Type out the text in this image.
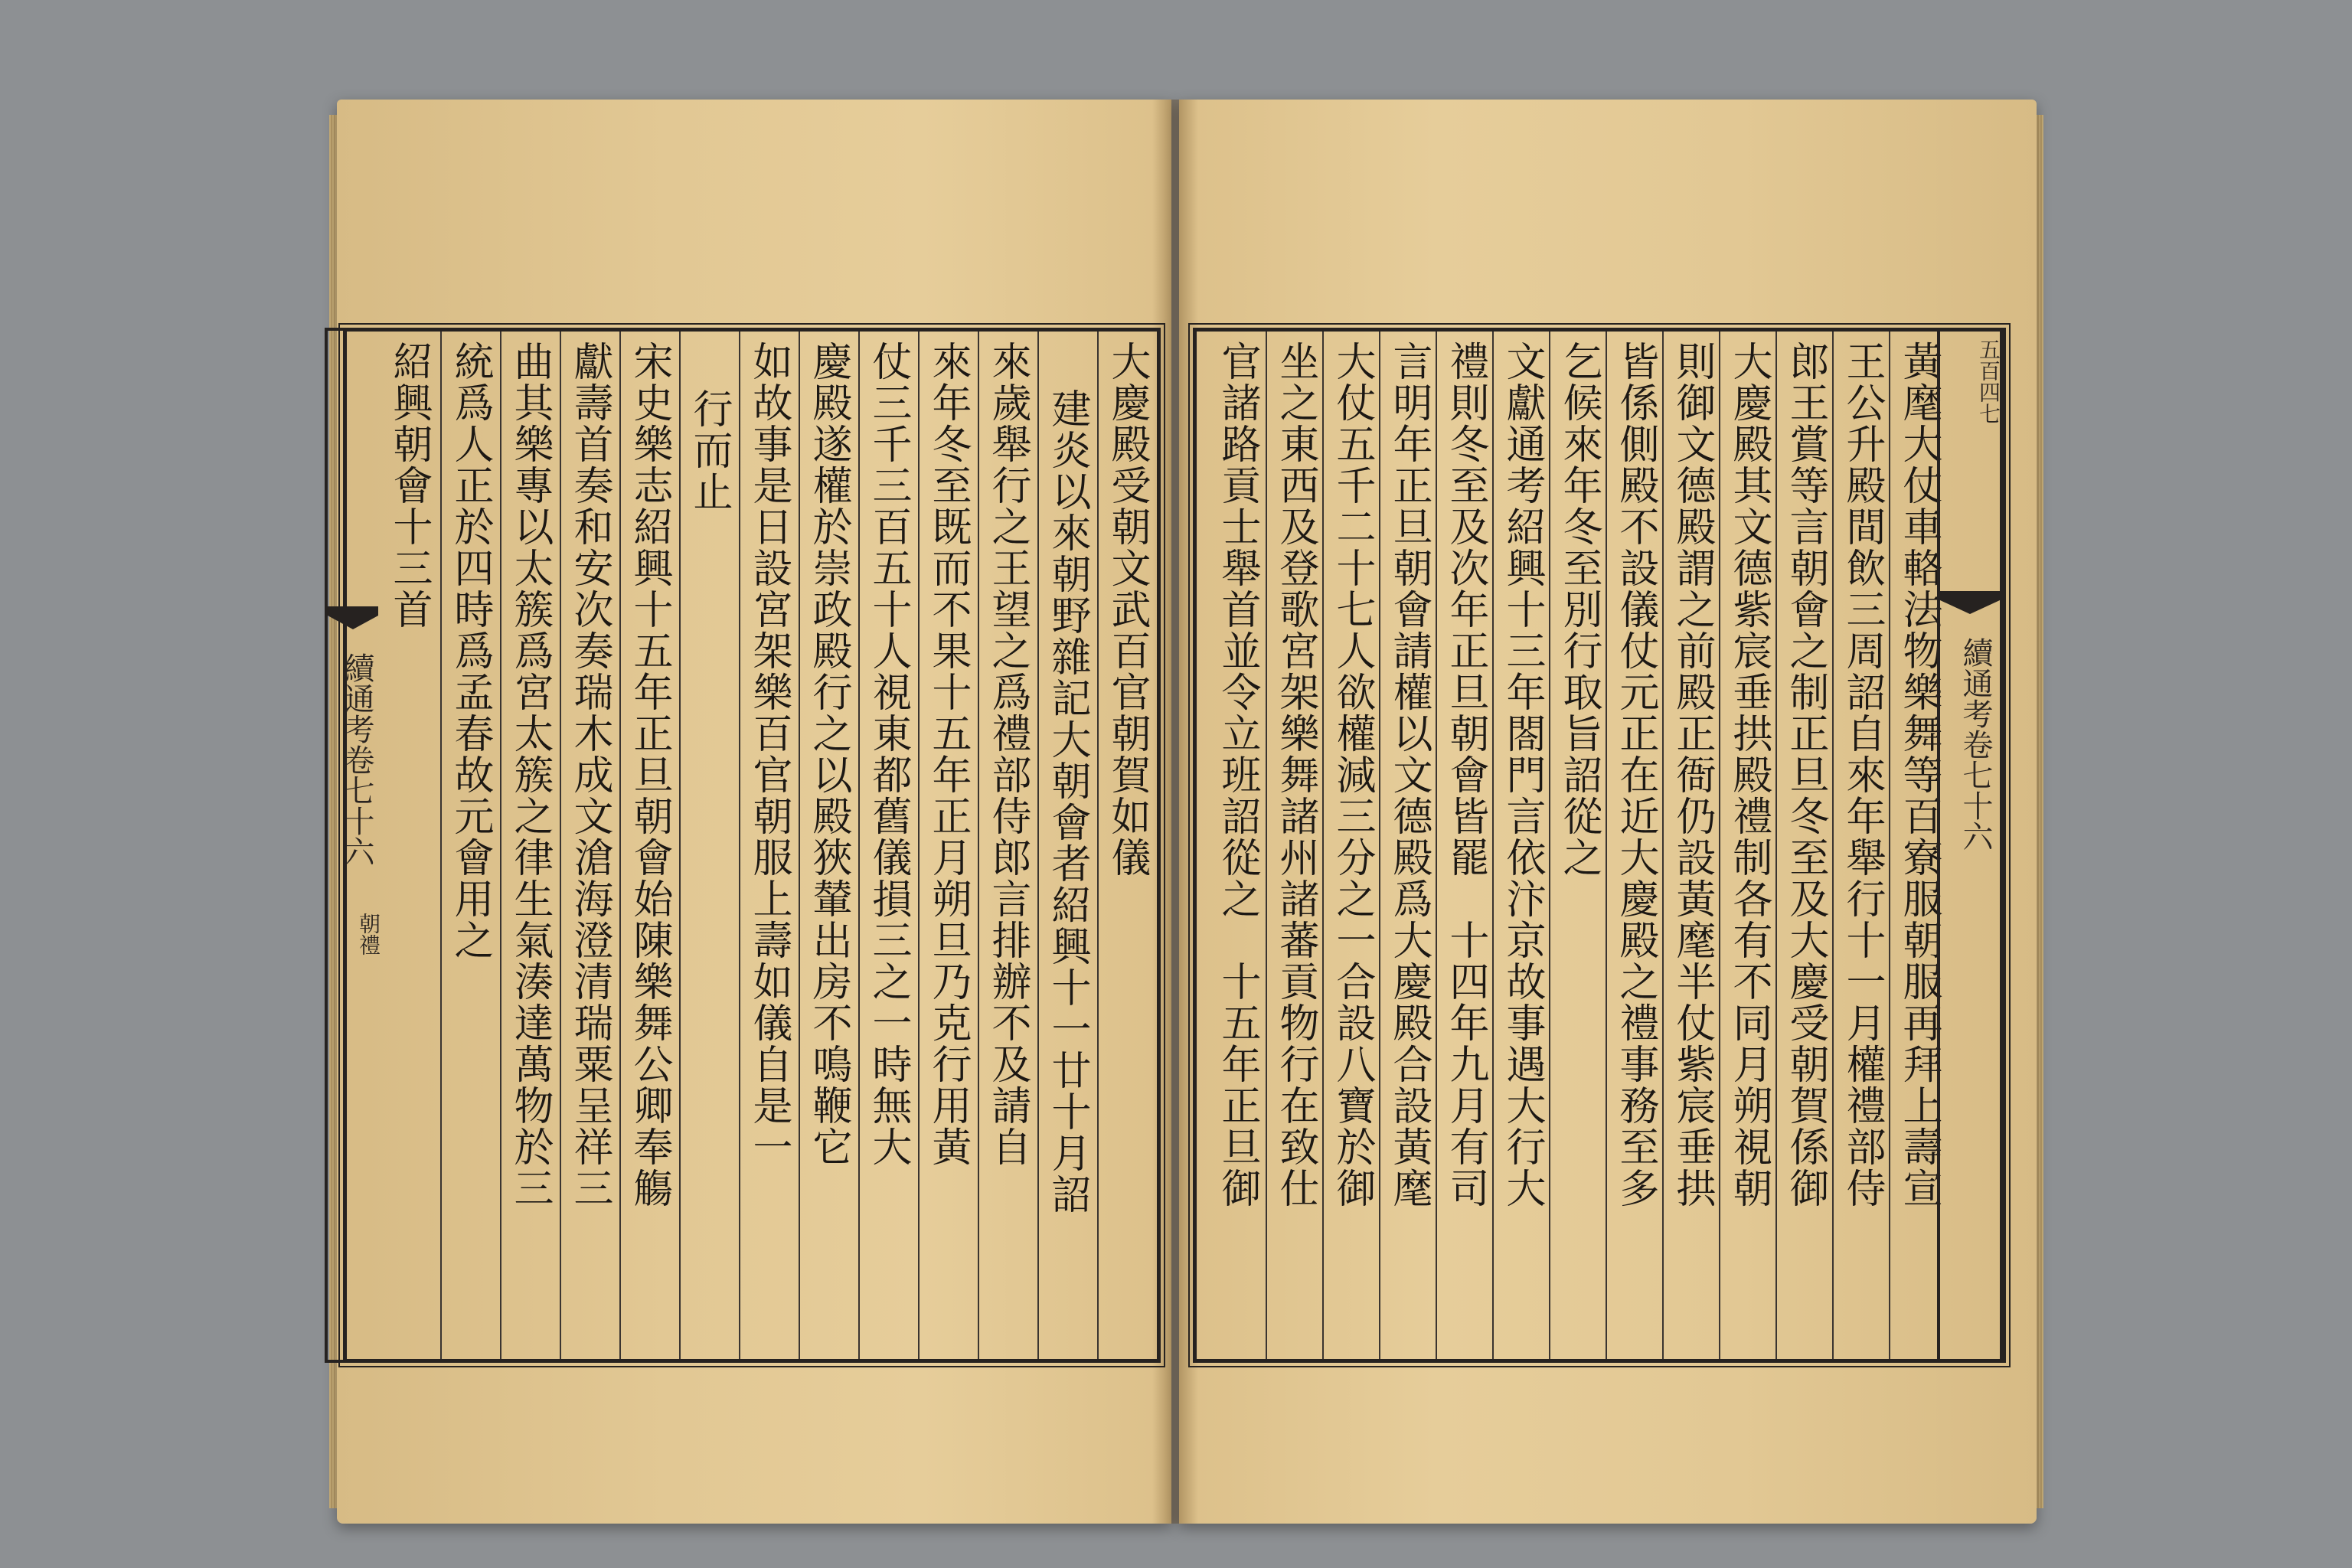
大慶殿受朝文武百官朝賀如儀
建炎以來朝野雜記大朝會者紹興十一廿十月詔
來歲舉行之王望之爲禮部侍郎言排辦不及請自
來年冬至既而不果十五年正月朔旦乃克行用黃
仗三千三百五十人視東都舊儀損三之一時無大
慶殿遂權於崇政殿行之以殿狹輦出房不鳴鞭它
如故事是日設宮架樂百官朝服上壽如儀自是一
行而止
宋史樂志紹興十五年正旦朝會始陳樂舞公卿奉觴
獻壽首奏和安次奏瑞木成文滄海澄清瑞粟呈祥三
曲其樂專以太簇爲宮太簇之律生氣湊達萬物於三
統爲人正於四時爲孟春故元會用之
紹興朝會十三首
續通考卷七十六
朝禮	黃麾大仗車輅法物樂舞等百寮服朝服再拜上壽宣
王公升殿間飲三周詔自來年舉行十一月權禮部侍
郎王賞等言朝會之制正旦冬至及大慶受朝賀係御
大慶殿其文德紫宸垂拱殿禮制各有不同月朔視朝
則御文德殿謂之前殿正衙仍設黃麾半仗紫宸垂拱
皆係側殿不設儀仗元正在近大慶殿之禮事務至多
乞候來年冬至別行取旨詔從之
文獻通考紹興十三年閤門言依汴京故事遇大行大
禮則冬至及次年正旦朝會皆罷　十四年九月有司
言明年正旦朝會請權以文德殿爲大慶殿合設黃麾
大仗五千二十七人欲權減三分之一合設八寶於御
坐之東西及登歌宮架樂舞諸州諸蕃貢物行在致仕
官諸路貢士舉首並令立班詔從之　十五年正旦御	五百四七
續通考卷七十六
